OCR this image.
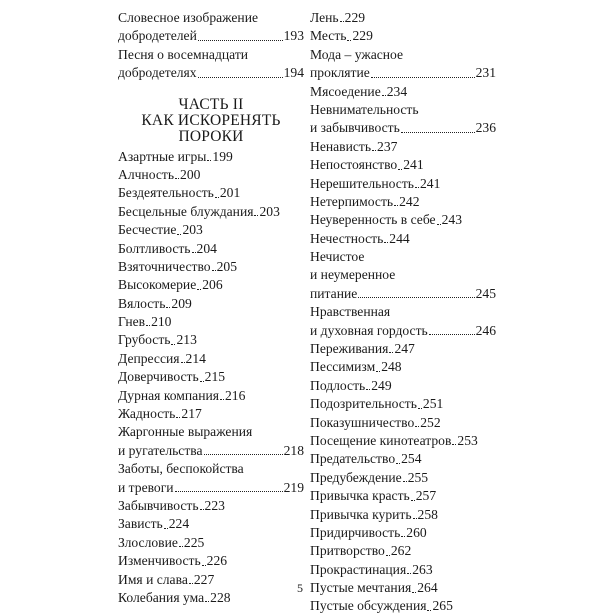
Словесное изображение
добродетелей	193
Песня о восемнадцати
добродетелях	194
ЧАСТЬ II
КАК ИСКОРЕНЯТЬ
ПОРОКИ
Азартные игры 199
Алчность 200
Бездеятельность 201
Бесцельные блуждания 203
Бесчестие 203
Болтливость 204
Взяточничество 205
Высокомерие 206
Вялость 209
Гнев 210
Грубость 213
Депрессия 214
Доверчивость 215
Дурная компания 216
Жадность 217
Жаргонные выражения
и ругательства	218
Заботы, беспокойства
и тревоги	219
Забывчивость 223
Зависть 224
Злословие 225
Изменчивость 226
Имя и слава 227
Колебания ума 228
Лень 229
Месть 229
Мода – ужасное
проклятие	231
Мясоедение 234
Невнимательность
и забывчивость	236
Ненависть 237
Непостоянство 241
Нерешительность 241
Нетерпимость 242
Неуверенность в себе 243
Нечестность 244
Нечистое
и неумеренное
питание	245
Нравственная
и духовная гордость	246
Переживания 247
Пессимизм 248
Подлость 249
Подозрительность 251
Показушничество 252
Посещение кинотеатров 253
Предательство 254
Предубеждение 255
Привычка красть 257
Привычка курить 258
Придирчивость 260
Притворство 262
Прокрастинация 263
Пустые мечтания 264
Пустые обсуждения 265
5
